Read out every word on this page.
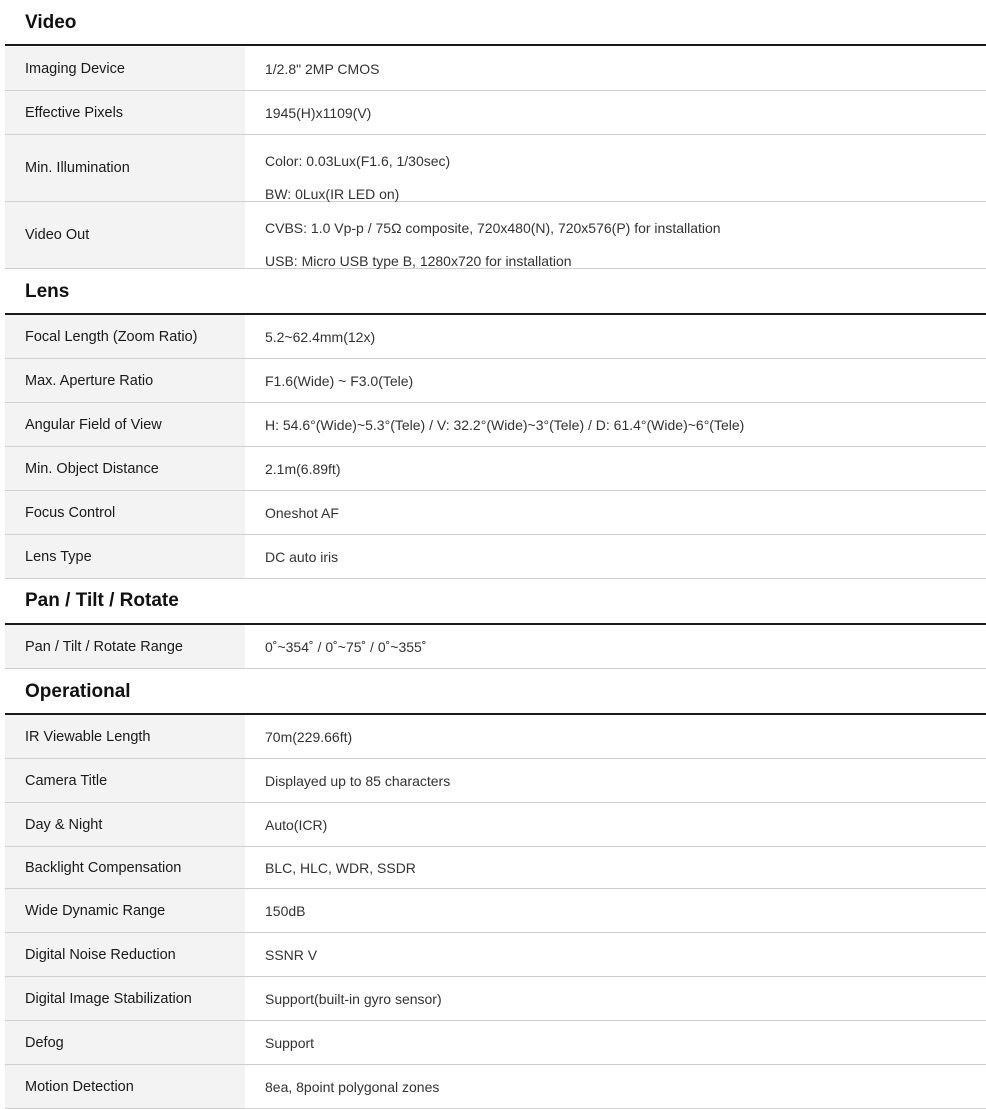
Video
Imaging Device	1/2.8" 2MP CMOS
Effective Pixels	1945(H)x1109(V)
Min. Illumination	Color: 0.03Lux(F1.6, 1/30sec)
BW: 0Lux(IR LED on)
Video Out	CVBS: 1.0 Vp-p / 75Ω composite, 720x480(N), 720x576(P) for installation
USB: Micro USB type B, 1280x720 for installation
Lens
Focal Length (Zoom Ratio)	5.2~62.4mm(12x)
Max. Aperture Ratio	F1.6(Wide) ~ F3.0(Tele)
Angular Field of View	H: 54.6°(Wide)~5.3°(Tele) / V: 32.2°(Wide)~3°(Tele) / D: 61.4°(Wide)~6°(Tele)
Min. Object Distance	2.1m(6.89ft)
Focus Control	Oneshot AF
Lens Type	DC auto iris
Pan / Tilt / Rotate
Pan / Tilt / Rotate Range	0˚~354˚ / 0˚~75˚ / 0˚~355˚
Operational
IR Viewable Length	70m(229.66ft)
Camera Title	Displayed up to 85 characters
Day & Night	Auto(ICR)
Backlight Compensation	BLC, HLC, WDR, SSDR
Wide Dynamic Range	150dB
Digital Noise Reduction	SSNR V
Digital Image Stabilization	Support(built-in gyro sensor)
Defog	Support
Motion Detection	8ea, 8point polygonal zones
